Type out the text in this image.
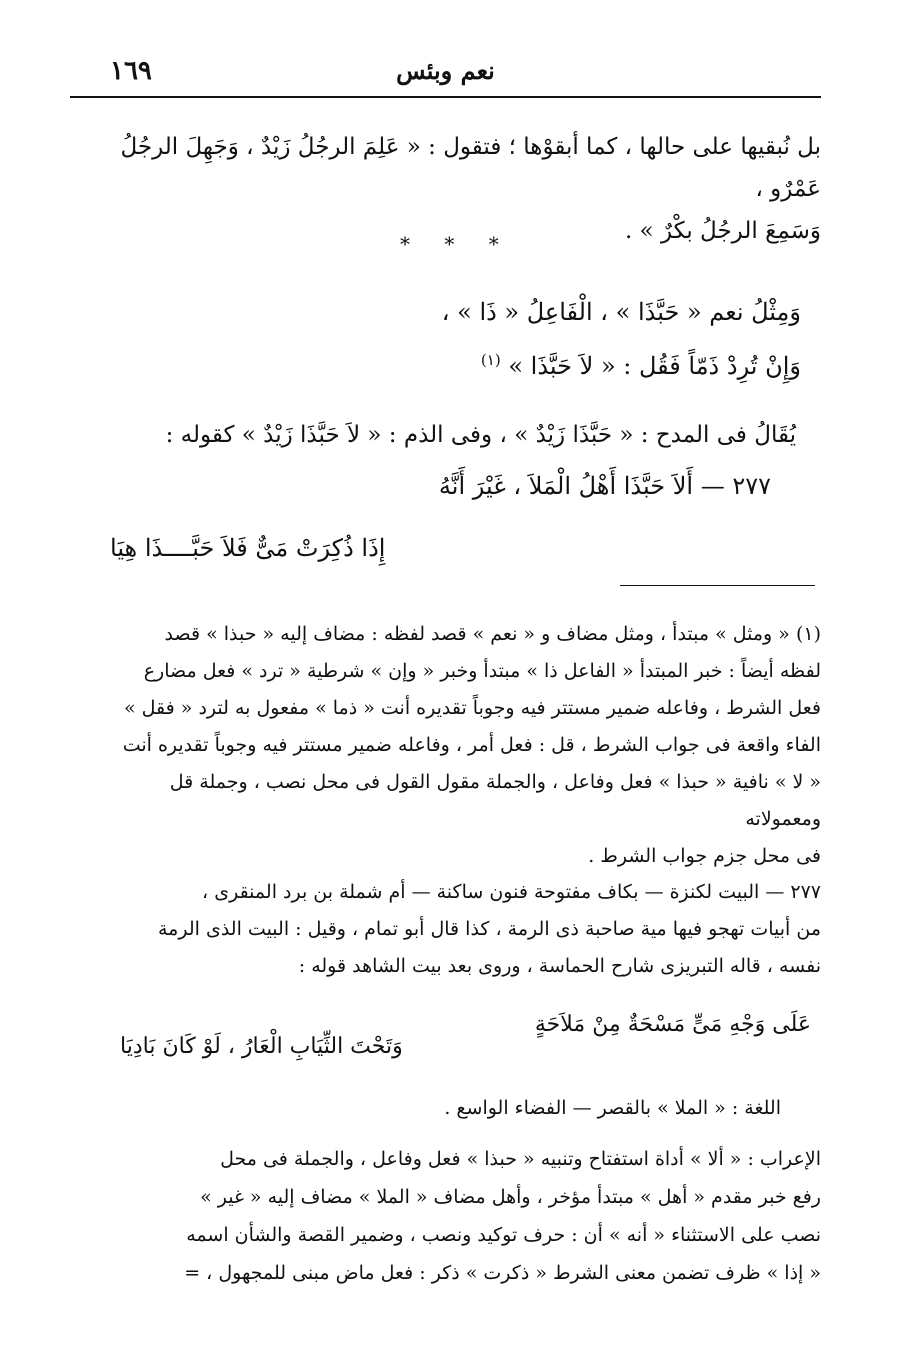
١٦٩	نعم وبئس
بل نُبقيها على حالها ، كما أبقوْها ؛ فتقول : « عَلِمَ الرجُلُ زَيْدٌ ، وَجَهِلَ الرجُلُ عَمْرٌو ،
وَسَمِعَ الرجُلُ بكْرٌ » .
* * *
وَمِثْلُ نعم « حَبَّذَا » ، الْفَاعِلُ « ذَا » ،
وَإِنْ تُرِدْ ذَمّاً فَقُل : « لاَ حَبَّذَا » $^{(١)}$
يُقَالُ فى المدح : « حَبَّذَا زَيْدٌ » ، وفى الذم : « لاَ حَبَّذَا زَيْدٌ » كقوله :
٢٧٧ — أَلاَ حَبَّذَا أَهْلُ الْمَلاَ ، غَيْرَ أَنَّهُ
إِذَا ذُكِرَتْ مَىٌّ فَلاَ حَبَّــــذَا هِيَا

(١) « ومثل » مبتدأ ، ومثل مضاف و « نعم » قصد لفظه : مضاف إليه « حبذا » قصد

لفظه أيضاً : خبر المبتدأ « الفاعل ذا » مبتدأ وخبر « وإن » شرطية « ترد » فعل مضارع

فعل الشرط ، وفاعله ضمير مستتر فيه وجوباً تقديره أنت « ذما » مفعول به لترد « فقل »

الفاء واقعة فى جواب الشرط ، قل : فعل أمر ، وفاعله ضمير مستتر فيه وجوباً تقديره أنت

« لا » نافية « حبذا » فعل وفاعل ، والجملة مقول القول فى محل نصب ، وجملة قل ومعمولاته

فى محل جزم جواب الشرط .

٢٧٧ — البيت لكنزة — بكاف مفتوحة فنون ساكنة — أم شملة بن برد المنقرى ،

من أبيات تهجو فيها مية صاحبة ذى الرمة ، كذا قال أبو تمام ، وقيل : البيت الذى الرمة

نفسه ، قاله التبريزى شارح الحماسة ، وروى بعد بيت الشاهد قوله :

عَلَى وَجْهِ مَىٍّ مَسْحَةٌ مِنْ مَلاَحَةٍ
وَتَحْتَ الثِّيَابِ الْعَارُ ، لَوْ كَانَ بَادِيَا
اللغة : « الملا » بالقصر — الفضاء الواسع .

الإعراب : « ألا » أداة استفتاح وتنبيه « حبذا » فعل وفاعل ، والجملة فى محل

رفع خبر مقدم « أهل » مبتدأ مؤخر ، وأهل مضاف « الملا » مضاف إليه « غير »

نصب على الاستثناء « أنه » أن : حرف توكيد ونصب ، وضمير القصة والشأن اسمه

« إذا » ظرف تضمن معنى الشرط « ذكرت » ذكر : فعل ماض مبنى للمجهول ، =
